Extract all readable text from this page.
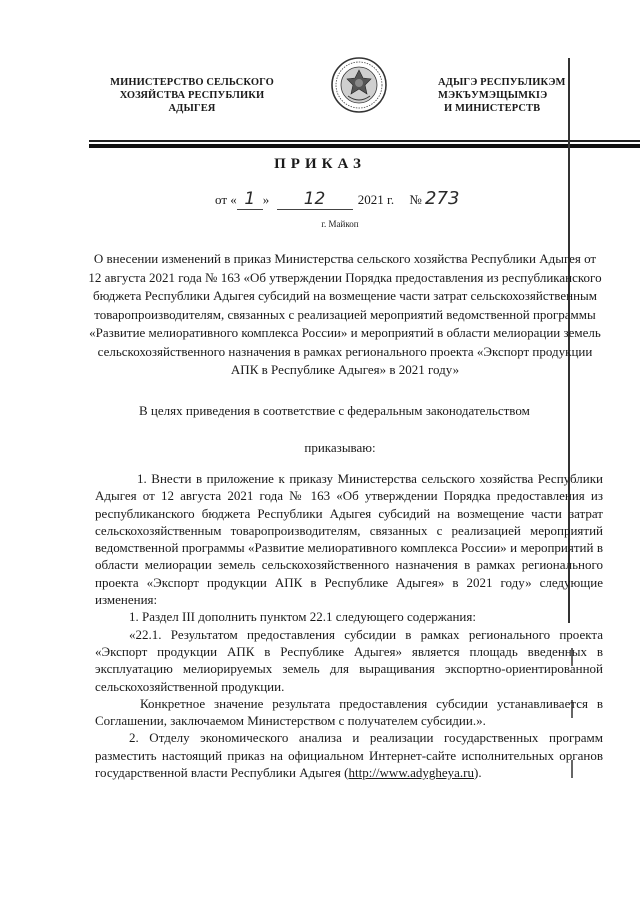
МИНИСТЕРСТВО СЕЛЬСКОГО
ХОЗЯЙСТВА РЕСПУБЛИКИ
АДЫГЕЯ
АДЫГЭ РЕСПУБЛИКЭМ
МЭКЪУМЭЩЫМКІЭ
И МИНИСТЕРСТВ
ПРИКАЗ
от « 1 » 12 2021 г. № 273
г. Майкоп
О внесении изменений в приказ Министерства сельского хозяйства Республики Адыгея от 12 августа 2021 года № 163 «Об утверждении Порядка предоставления из республиканского бюджета Республики Адыгея субсидий на возмещение части затрат сельскохозяйственным товаропроизводителям, связанных с реализацией мероприятий ведомственной программы «Развитие мелиоративного комплекса России» и мероприятий в области мелиорации земель сельскохозяйственного назначения в рамках регионального проекта «Экспорт продукции АПК в Республике Адыгея» в 2021 году»
В целях приведения в соответствие с федеральным законодательством
приказываю:

1. Внести в приложение к приказу Министерства сельского хозяйства Республики Адыгея от 12 августа 2021 года № 163 «Об утверждении Порядка предоставления из республиканского бюджета Республики Адыгея субсидий на возмещение части затрат сельскохозяйственным товаропроизводителям, связанных с реализацией мероприятий ведомственной программы «Развитие мелиоративного комплекса России» и мероприятий в области мелиорации земель сельскохозяйственного назначения в рамках регионального проекта «Экспорт продукции АПК в Республике Адыгея» в 2021 году» следующие изменения:

1. Раздел III дополнить пунктом 22.1 следующего содержания:

«22.1. Результатом предоставления субсидии в рамках регионального проекта «Экспорт продукции АПК в Республике Адыгея» является площадь введенных в эксплуатацию мелиорируемых земель для выращивания экспортно-ориентированной сельскохозяйственной продукции.

Конкретное значение результата предоставления субсидии устанавливается в Соглашении, заключаемом Министерством с получателем субсидии.».

2. Отделу экономического анализа и реализации государственных программ разместить настоящий приказ на официальном Интернет-сайте исполнительных органов государственной власти Республики Адыгея (http://www.adygheya.ru).
